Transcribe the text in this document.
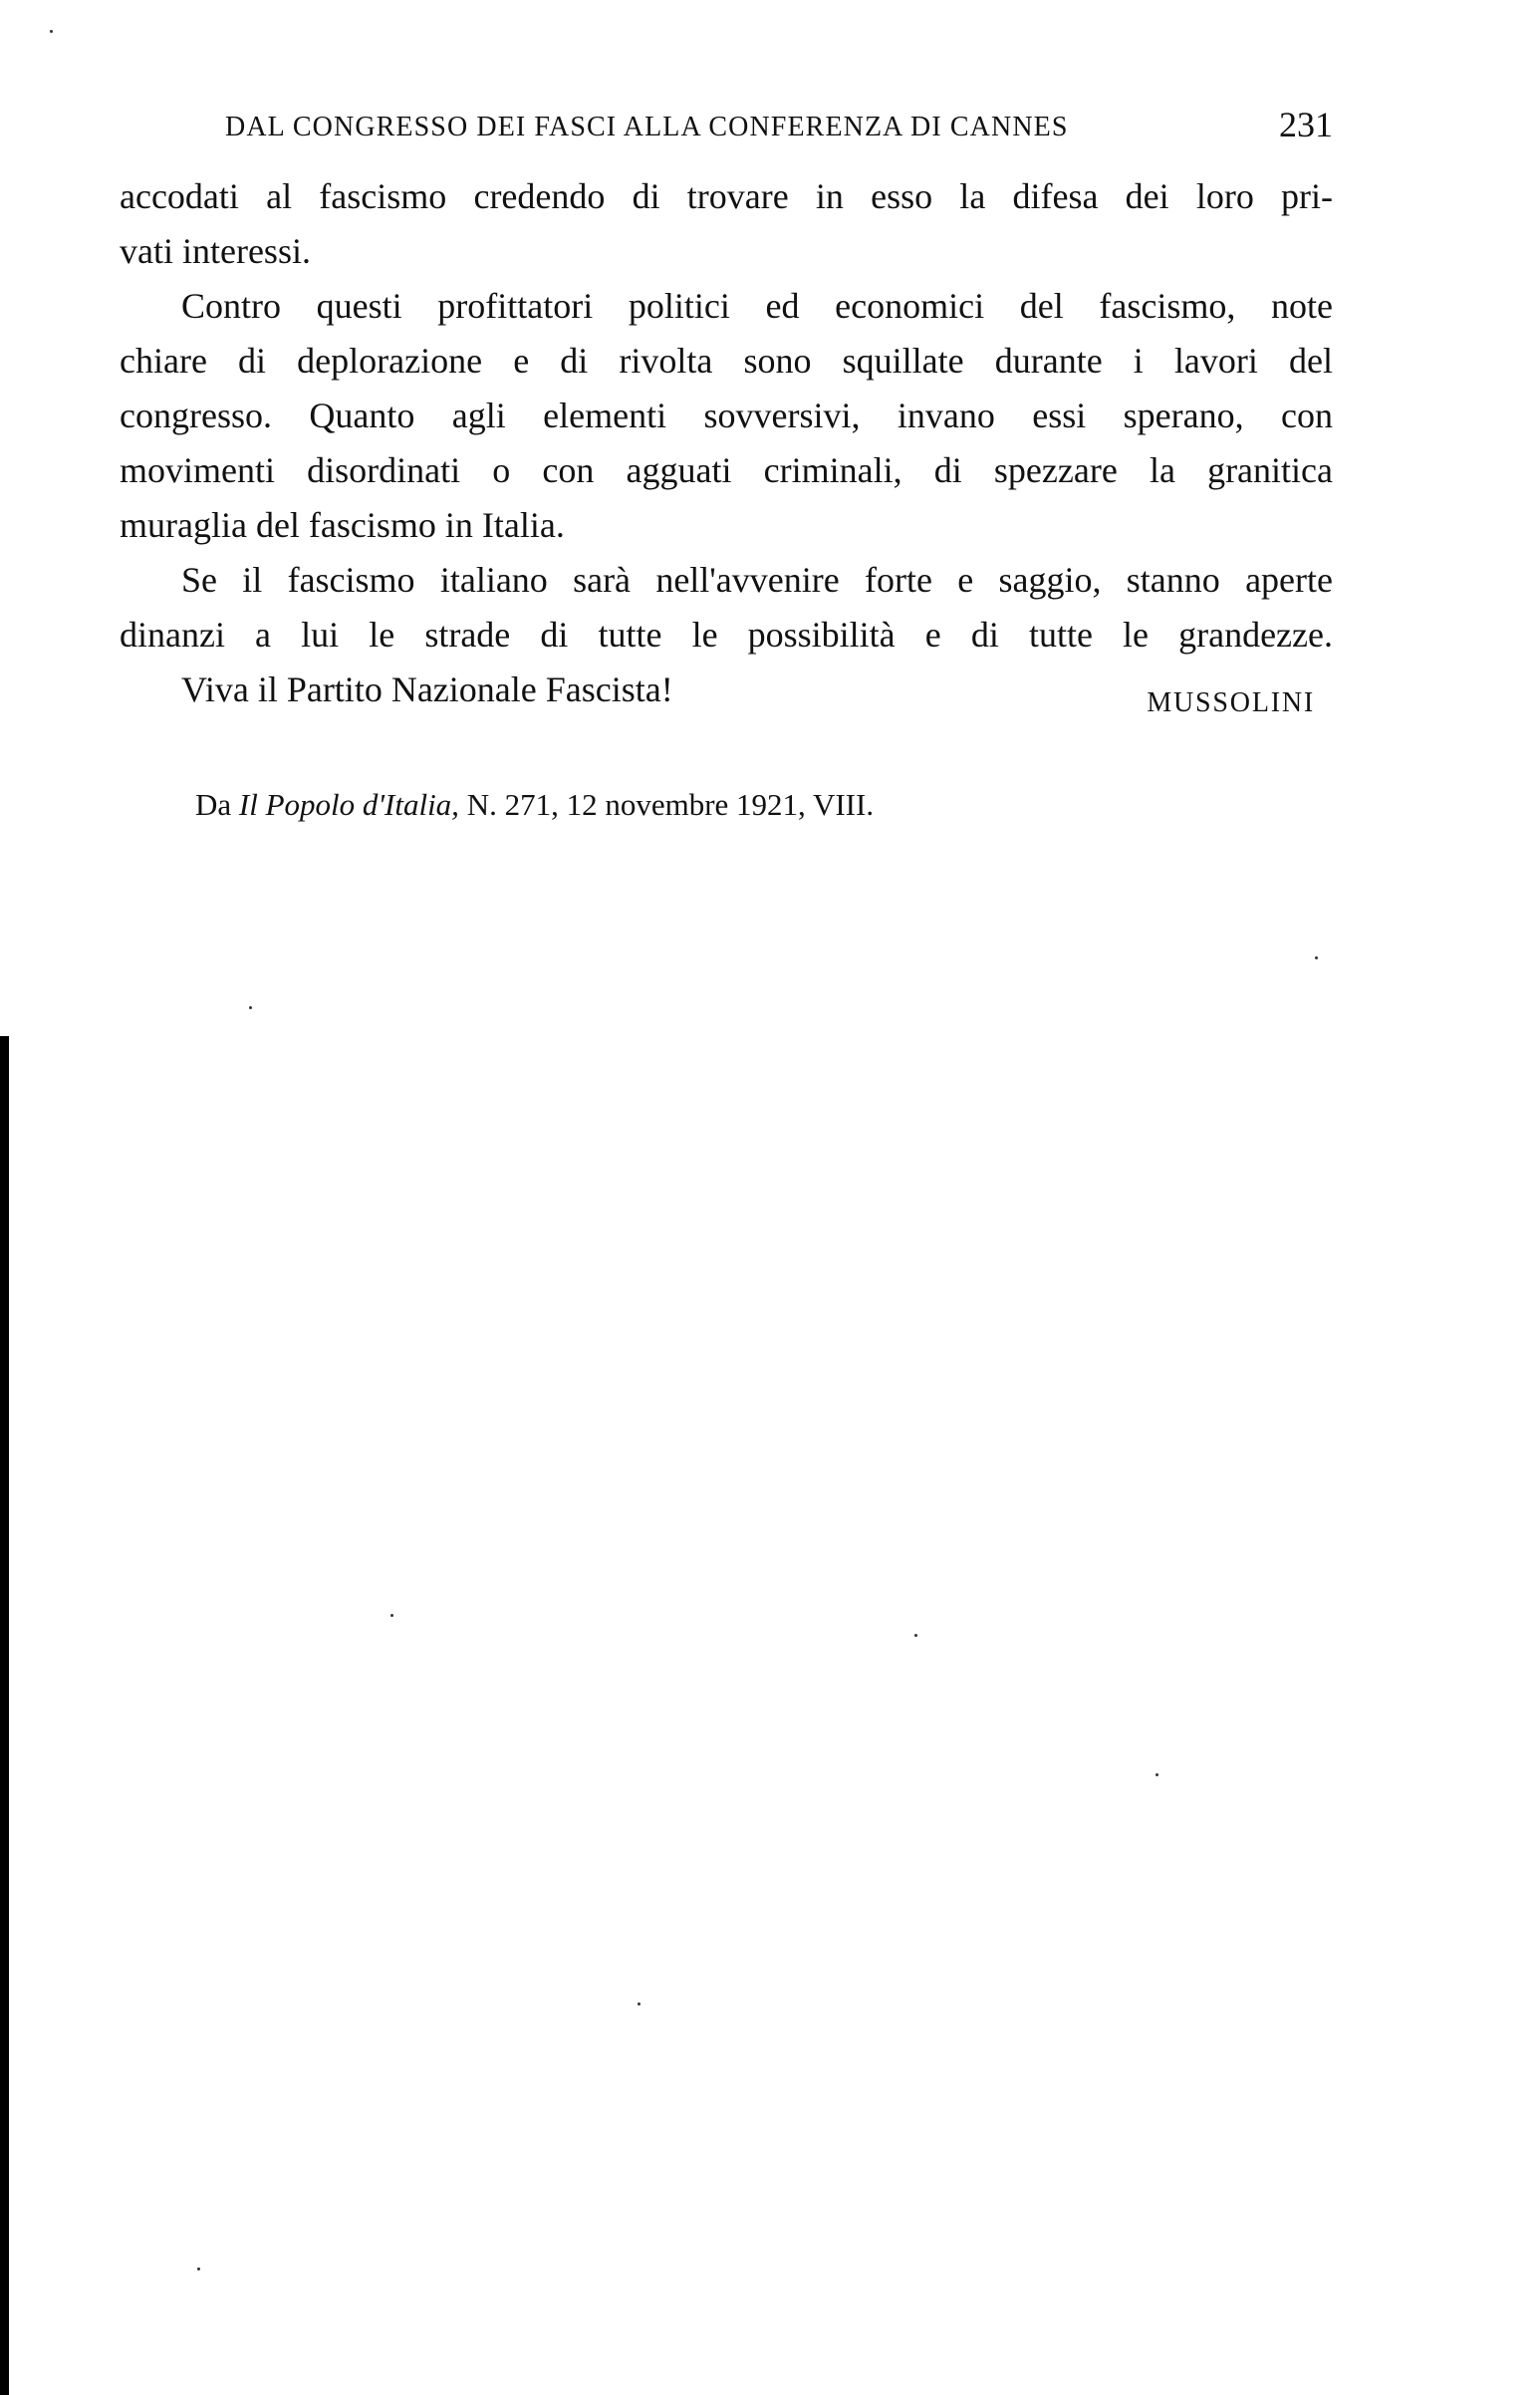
DAL CONGRESSO DEI FASCI ALLA CONFERENZA DI CANNES	231
accodati al fascismo credendo di trovare in esso la difesa dei loro pri-
vati interessi.
Contro questi profittatori politici ed economici del fascismo, note
chiare di deplorazione e di rivolta sono squillate durante i lavori del
congresso. Quanto agli elementi sovversivi, invano essi sperano, con
movimenti disordinati o con agguati criminali, di spezzare la granitica
muraglia del fascismo in Italia.
Se il fascismo italiano sarà nell'avvenire forte e saggio, stanno aperte
dinanzi a lui le strade di tutte le possibilità e di tutte le grandezze.
Viva il Partito Nazionale Fascista!	MUSSOLINI
Da Il Popolo d'Italia, N. 271, 12 novembre 1921, VIII.
